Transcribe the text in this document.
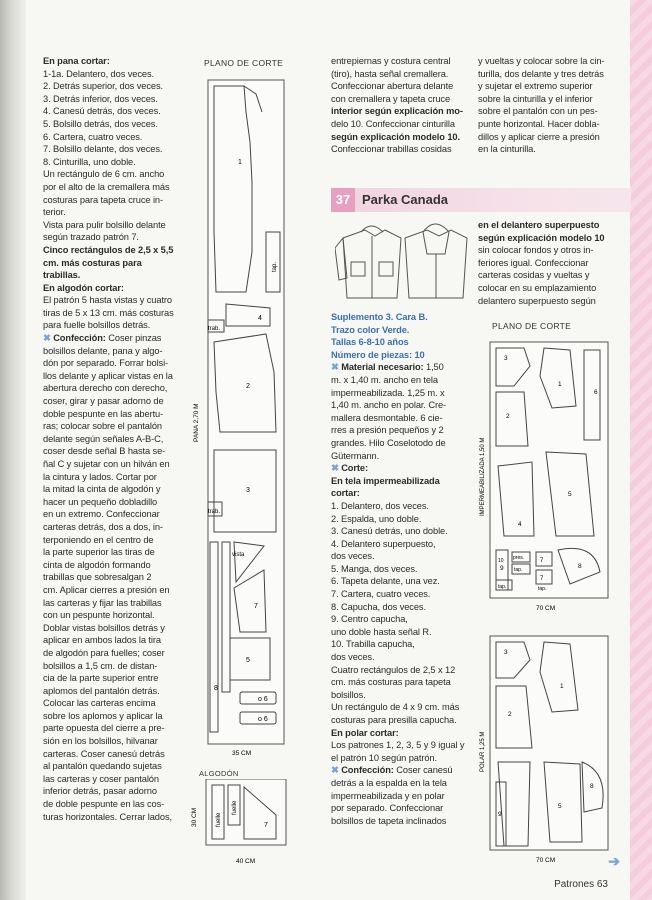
En pana cortar:

1-1a. Delantero, dos veces.

2. Detrás superior, dos veces.

3. Detrás inferior, dos veces.

4. Canesú detrás, dos veces.

5. Bolsillo detrás, dos veces.

6. Cartera, cuatro veces.

7. Bolsillo delante, dos veces.

8. Cinturilla, uno doble.

Un rectángulo de 6 cm. ancho

por el alto de la cremallera más

costuras para tapeta cruce in-

terior.

Vista para pulir bolsillo delante

según trazado patrón 7.

Cinco rectángulos de 2,5 x 5,5

cm. más costuras para trabillas.

En algodón cortar:

El patrón 5 hasta vistas y cuatro

tiras de 5 x 13 cm. más costuras

para fuelle bolsillos detrás.

✖ Confección: Coser pinzas

bolsillos delante, pana y algo-

dón por separado. Forrar bolsi-

llos delante y aplicar vistas en la

abertura derecho con derecho,

coser, girar y pasar adorno de

doble pespunte en las abertu-

ras; colocar sobre el pantalón

delante según señales A-B-C,

coser desde señal B hasta se-

ñal C y sujetar con un hilván en

la cintura y lados. Cortar por

la mitad la cinta de algodón y

hacer un pequeño dobladillo

en un extremo. Confeccionar

carteras detrás, dos a dos, in-

terponiendo en el centro de

la parte superior las tiras de

cinta de algodón formando

trabillas que sobresalgan 2

cm. Aplicar cierres a presión en

las carteras y fijar las trabillas

con un pespunte horizontal.

Doblar vistas bolsillos detrás y

aplicar en ambos lados la tira

de algodón para fuelles; coser

bolsillos a 1,5 cm. de distan-

cia de la parte superior entre

aplomos del pantalón detrás.

Colocar las carteras encima

sobre los aplomos y aplicar la

parte opuesta del cierre a pre-

sión en los bolsillos, hilvanar

carteras. Coser canesú detrás

al pantalón quedando sujetas

las carteras y coser pantalón

inferior detrás, pasar adorno

de doble pespunte en las cos-

turas horizontales. Cerrar lados,

PLANO DE CORTE
1
4
2
3
7
5
o 6
o 6
8
tap.
trab.
trab.
vista
PANA 2,70 M
35 CM
ALGODÓN
fuelle
fuelle
7
30 CM
40 CM

entrepiernas y costura central

(tiro), hasta señal cremallera.

Confeccionar abertura delante

con cremallera y tapeta cruce

interior según explicación mo-

delo 10. Confeccionar cinturilla

según explicación modelo 10.

Confeccionar trabillas cosidas

y vueltas y colocar sobre la cin-

turilla, dos delante y tres detrás

y sujetar el extremo superior

sobre la cinturilla y el inferior

sobre el pantalón con un pes-

punte horizontal. Hacer dobla-

dillos y aplicar cierre a presión

en la cinturilla.

37 Parka Canada

Suplemento 3. Cara B.

Trazo color Verde.

Tallas 6-8-10 años

Número de piezas: 10

✖ Material necesario: 1,50

m. x 1,40 m. ancho en tela

impermeabilizada. 1,25 m. x

1,40 m. ancho en polar. Cre-

mallera desmontable. 6 cie-

rres a presión pequeños y 2

grandes. Hilo Coselotodo de

Gütermann.

✖ Corte:

En tela impermeabilizada

cortar:

1. Delantero, dos veces.

2. Espalda, uno doble.

3. Canesú detrás, uno doble.

4. Delantero superpuesto,

dos veces.

5. Manga, dos veces.

6. Tapeta delante, una vez.

7. Cartera, cuatro veces.

8. Capucha, dos veces.

9. Centro capucha,

uno doble hasta señal R.

10. Trabilla capucha,

dos veces.

Cuatro rectángulos de 2,5 x 12

cm. más costuras para tapeta

bolsillos.

Un rectángulo de 4 x 9 cm. más

costuras para presilla capucha.

En polar cortar:

Los patrones 1, 2, 3, 5 y 9 igual y

el patrón 10 según patrón.

✖ Confección: Coser canesú

detrás a la espalda en la tela

impermeabilizada y en polar

por separado. Confeccionar

bolsillos de tapeta inclinados

en el delantero superpuesto

según explicación modelo 10

sin colocar fondos y otros in-

feriores igual. Confeccionar

carteras cosidas y vueltas y

colocar en su emplazamiento

delantero superpuesto según

PLANO DE CORTE
3
6
1
2
5
4
9
7
7
8
10 pres.
tap.
tap.	tap.
IMPERMEABILIZADA 1,50 M
70 CM
3
1
2
8
5
9
POLAR 1,25 M
70 CM	➔
Patrones 63
